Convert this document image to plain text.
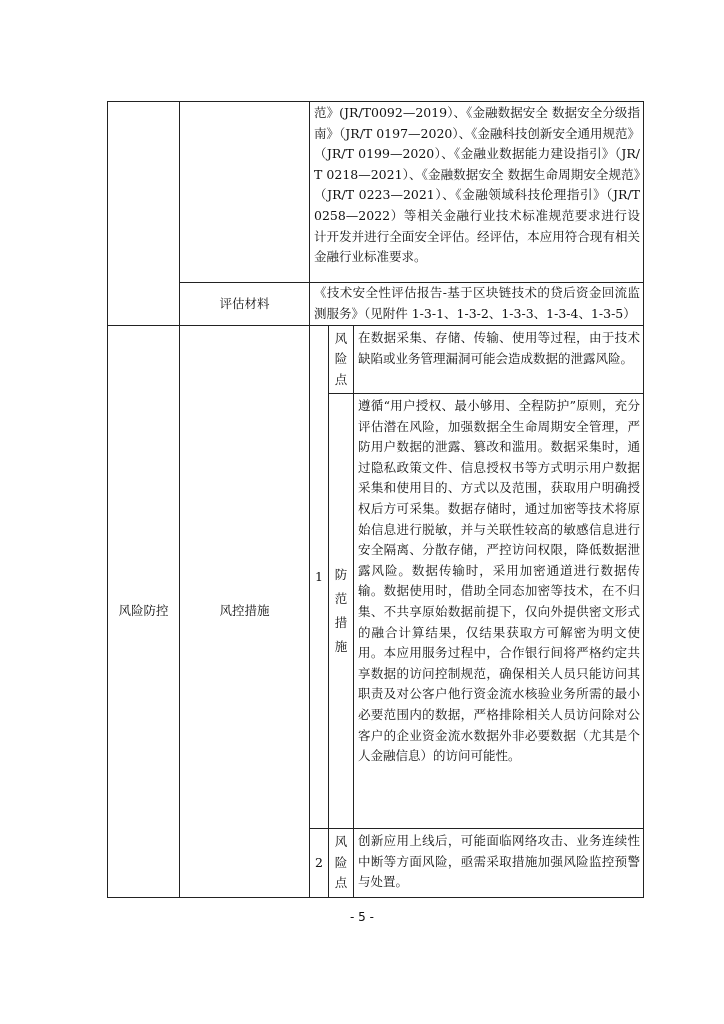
范》(JR/T0092—2019）、《金融数据安全 数据安全分级指南》（JR/T 0197—2020）、《金融科技创新安全通用规范》（JR/T 0199—2020）、《金融业数据能力建设指引》（JR/T 0218—2021）、《金融数据安全 数据生命周期安全规范》（JR/T 0223—2021）、《金融领域科技伦理指引》（JR/T 0258—2022）等相关金融行业技术标准规范要求进行设计开发并进行全面安全评估。经评估，本应用符合现有相关金融行业标准要求。
评估材料
《技术安全性评估报告-基于区块链技术的贷后资金回流监测服务》（见附件 1-3-1、1-3-2、1-3-3、1-3-4、1-3-5）
风险防控	风控措施
1
风险点
在数据采集、存储、传输、使用等过程，由于技术缺陷或业务管理漏洞可能会造成数据的泄露风险。
防范措施
遵循“用户授权、最小够用、全程防护”原则，充分评估潜在风险，加强数据全生命周期安全管理，严防用户数据的泄露、篡改和滥用。数据采集时，通过隐私政策文件、信息授权书等方式明示用户数据采集和使用目的、方式以及范围，获取用户明确授权后方可采集。数据存储时，通过加密等技术将原始信息进行脱敏，并与关联性较高的敏感信息进行安全隔离、分散存储，严控访问权限，降低数据泄露风险。数据传输时，采用加密通道进行数据传输。数据使用时，借助全同态加密等技术，在不归集、不共享原始数据前提下，仅向外提供密文形式的融合计算结果，仅结果获取方可解密为明文使用。本应用服务过程中，合作银行间将严格约定共享数据的访问控制规范，确保相关人员只能访问其职责及对公客户他行资金流水核验业务所需的最小必要范围内的数据，严格排除相关人员访问除对公客户的企业资金流水数据外非必要数据（尤其是个人金融信息）的访问可能性。
2
风险点
创新应用上线后，可能面临网络攻击、业务连续性中断等方面风险，亟需采取措施加强风险监控预警与处置。
- 5 -
